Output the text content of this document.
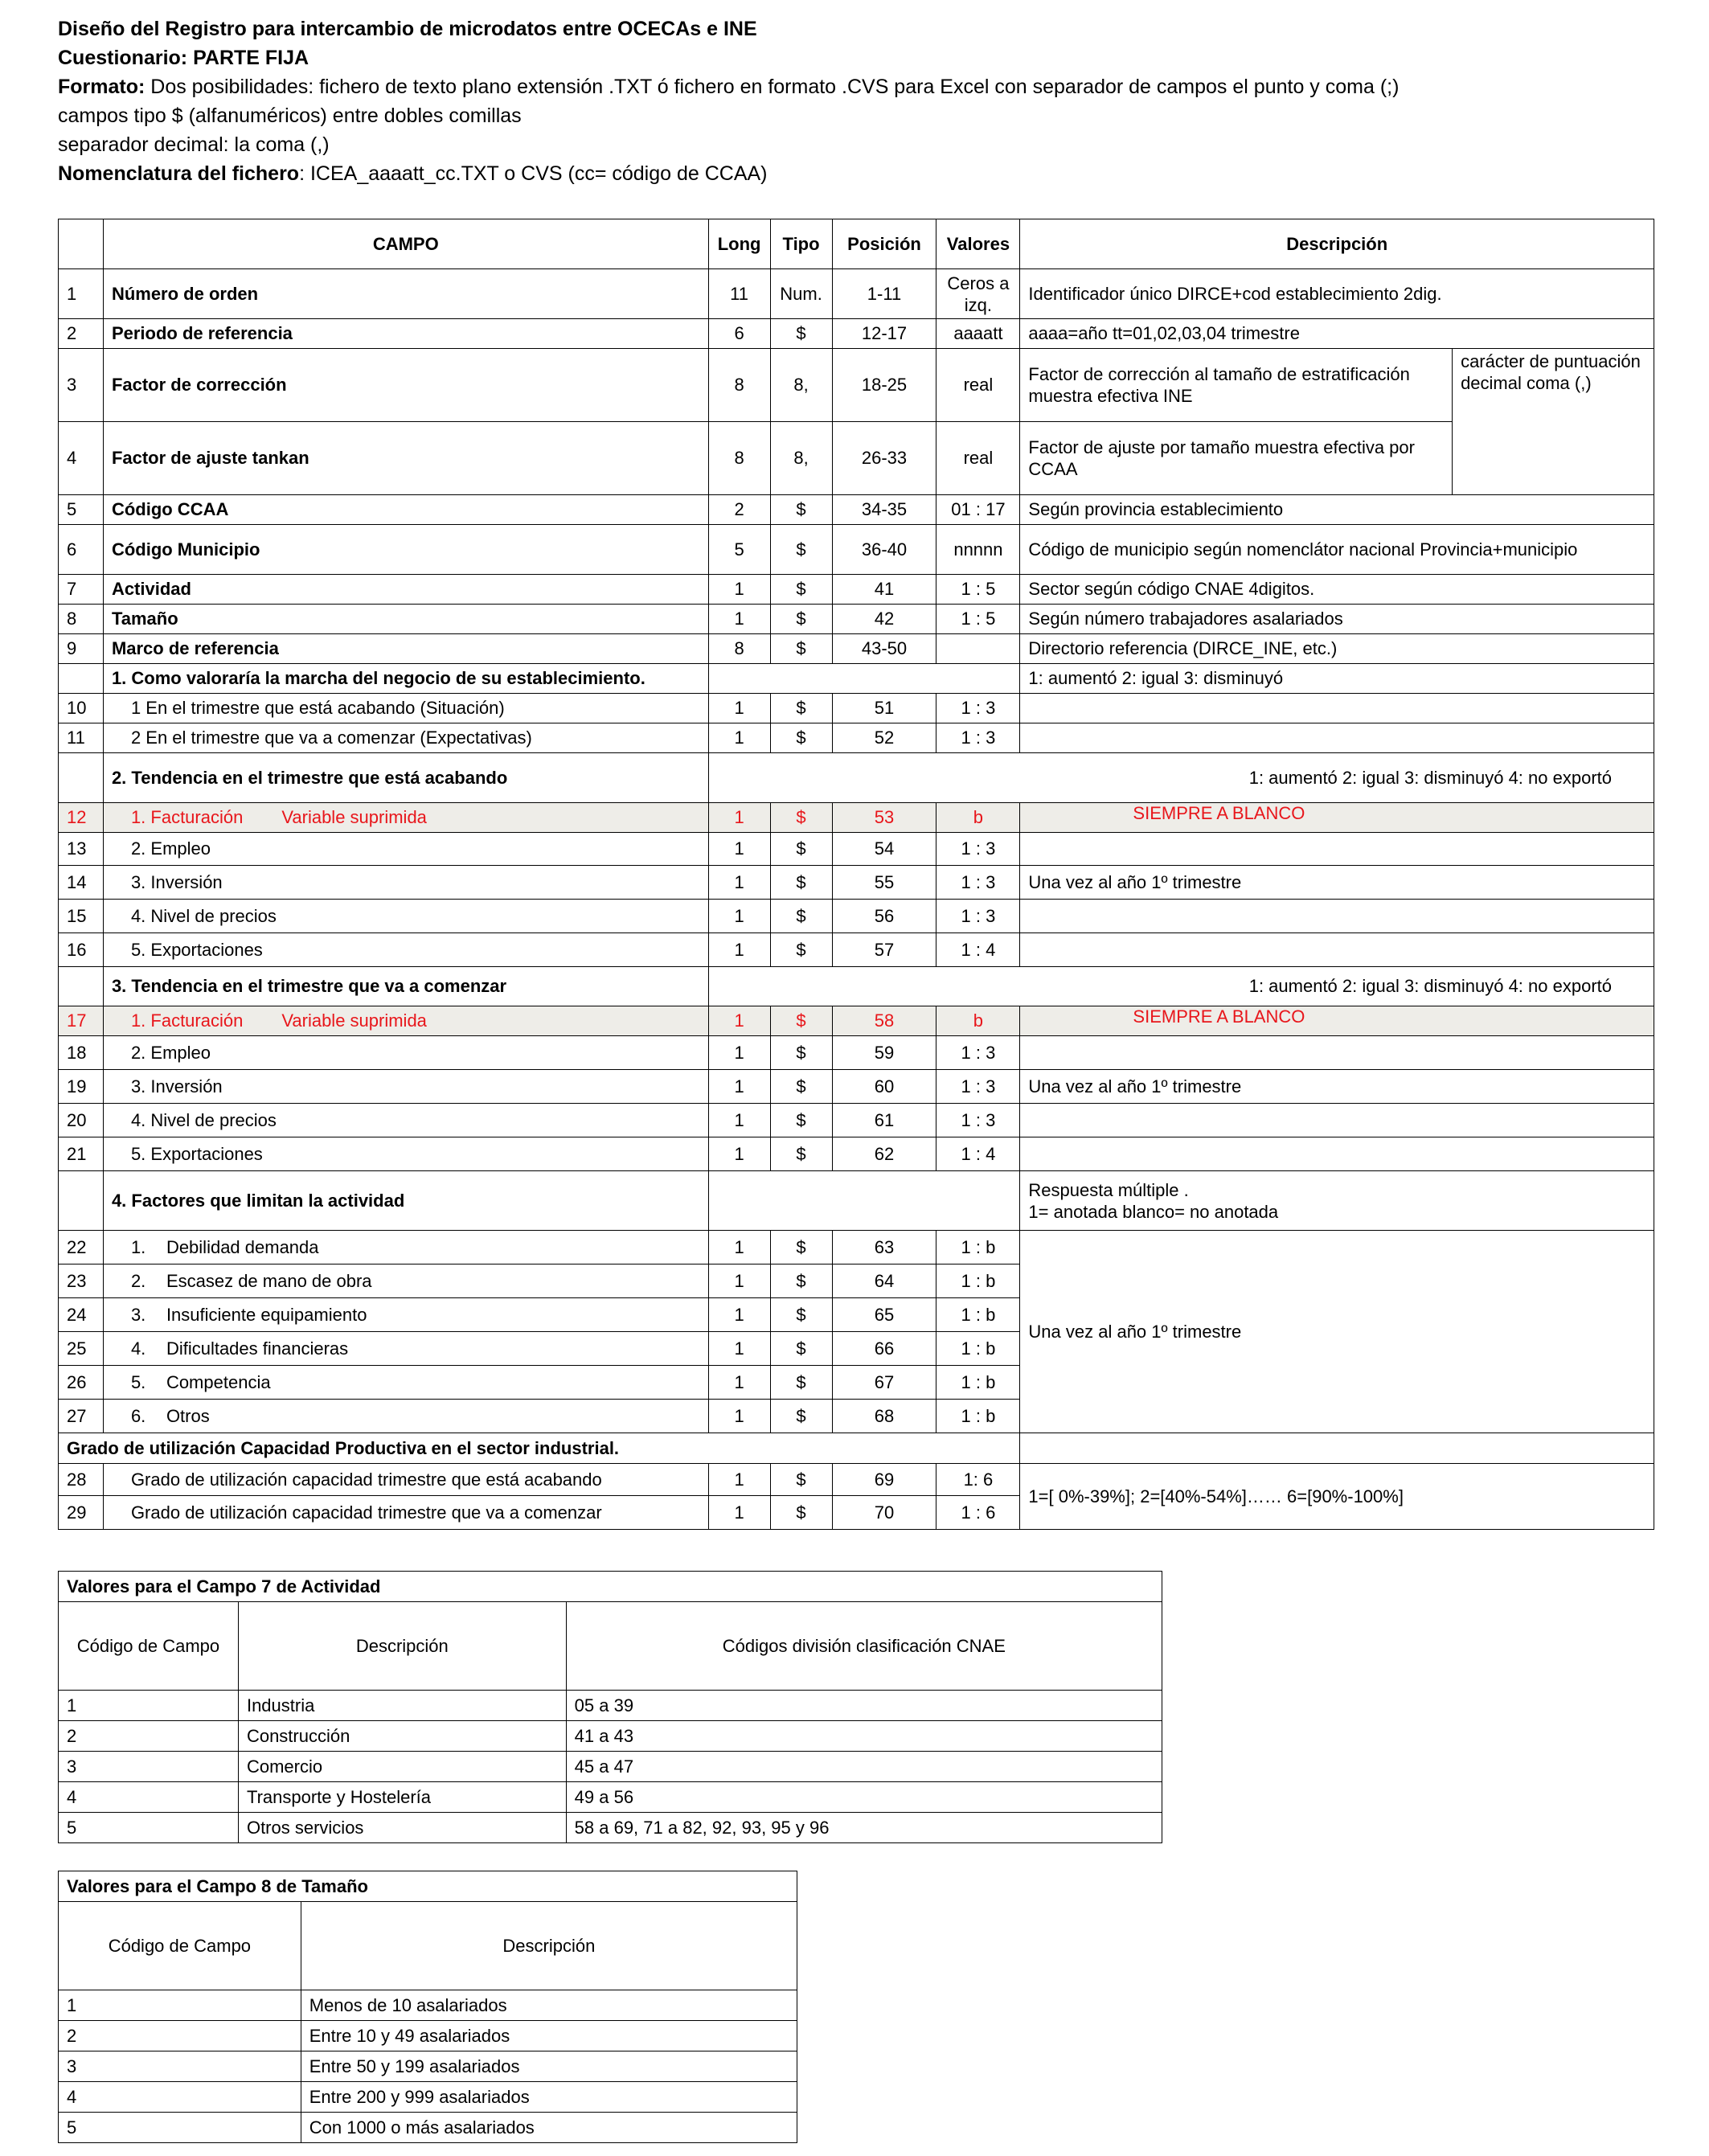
Diseño del Registro para intercambio de microdatos entre OCECAs e INE
Cuestionario: PARTE FIJA
Formato: Dos posibilidades: fichero de texto plano extensión .TXT ó fichero en formato .CVS para Excel con separador de campos el punto y coma (;)
campos tipo $ (alfanuméricos) entre dobles comillas
separador decimal: la coma (,)
Nomenclatura del fichero: ICEA_aaaatt_cc.TXT o CVS (cc= código de CCAA)
	CAMPO	Long	Tipo	Posición	Valores	Descripción	
1	Número de orden	11	Num.	1-11	Ceros a izq.	Identificador único DIRCE+cod establecimiento 2dig.	
2	Periodo de referencia	6	$	12-17	aaaatt	aaaa=año tt=01,02,03,04 trimestre	
3	Factor de corrección	8	8,	18-25	real	Factor de corrección al tamaño de estratificación muestra efectiva INE	carácter de puntuación decimal coma (,)
4	Factor de ajuste tankan	8	8,	26-33	real	Factor de ajuste por tamaño muestra efectiva por CCAA	
5	Código CCAA	2	$	34-35	01 : 17	Según provincia establecimiento	
6	Código Municipio	5	$	36-40	nnnnn	Código de municipio según nomenclátor nacional Provincia+municipio	
7	Actividad	1	$	41	1 : 5	Sector según código CNAE 4digitos.	
8	Tamaño	1	$	42	1 : 5	Según número trabajadores asalariados	
9	Marco de referencia	8	$	43-50		Directorio referencia (DIRCE_INE, etc.)	
	1. Como valoraría la marcha del negocio de su establecimiento.					1: aumentó 2: igual 3: disminuyó	
10	1 En el trimestre que está acabando (Situación)	1	$	51	1 : 3		
11	2 En el trimestre que va a comenzar (Expectativas)	1	$	52	1 : 3		
	2. Tendencia en el trimestre que está acabando	1: aumentó 2: igual 3: disminuyó 4: no exportó					
12	1. Facturación Variable suprimida	1	$	53	b	SIEMPRE A BLANCO	
13	2. Empleo	1	$	54	1 : 3		
14	3. Inversión	1	$	55	1 : 3	Una vez al año 1º trimestre	
15	4. Nivel de precios	1	$	56	1 : 3		
16	5. Exportaciones	1	$	57	1 : 4		
	3. Tendencia en el trimestre que va a comenzar	1: aumentó 2: igual 3: disminuyó 4: no exportó					
17	1. Facturación Variable suprimida	1	$	58	b	SIEMPRE A BLANCO	
18	2. Empleo	1	$	59	1 : 3		
19	3. Inversión	1	$	60	1 : 3	Una vez al año 1º trimestre	
20	4. Nivel de precios	1	$	61	1 : 3		
21	5. Exportaciones	1	$	62	1 : 4		
	4. Factores que limitan la actividad					Respuesta múltiple .
1= anotada blanco= no anotada	

22	1. Debilidad demanda	1	$	63	1 : b	Una vez al año 1º trimestre	
23	2. Escasez de mano de obra	1	$	64	1 : b		
24	3. Insuficiente equipamiento	1	$	65	1 : b		
25	4. Dificultades financieras	1	$	66	1 : b		
26	5. Competencia	1	$	67	1 : b		
27	6. Otros	1	$	68	1 : b		
Grado de utilización Capacidad Productiva en el sector industrial.							
28	Grado de utilización capacidad trimestre que está acabando	1	$	69	1: 6	1=[ 0%-39%]; 2=[40%-54%]…… 6=[90%-100%]	
29	Grado de utilización capacidad trimestre que va a comenzar	1	$	70	1 : 6		
Valores para el Campo 7 de Actividad		
Código de Campo	Descripción	Códigos división clasificación CNAE
1	Industria	05 a 39
2	Construcción	41 a 43
3	Comercio	45 a 47
4	Transporte y Hostelería	49 a 56
5	Otros servicios	58 a 69, 71 a 82, 92, 93, 95 y 96
Valores para el Campo 8 de Tamaño	
Código de Campo	Descripción
1	Menos de 10 asalariados
2	Entre 10 y 49 asalariados
3	Entre 50 y 199 asalariados
4	Entre 200 y 999 asalariados
5	Con 1000 o más asalariados
